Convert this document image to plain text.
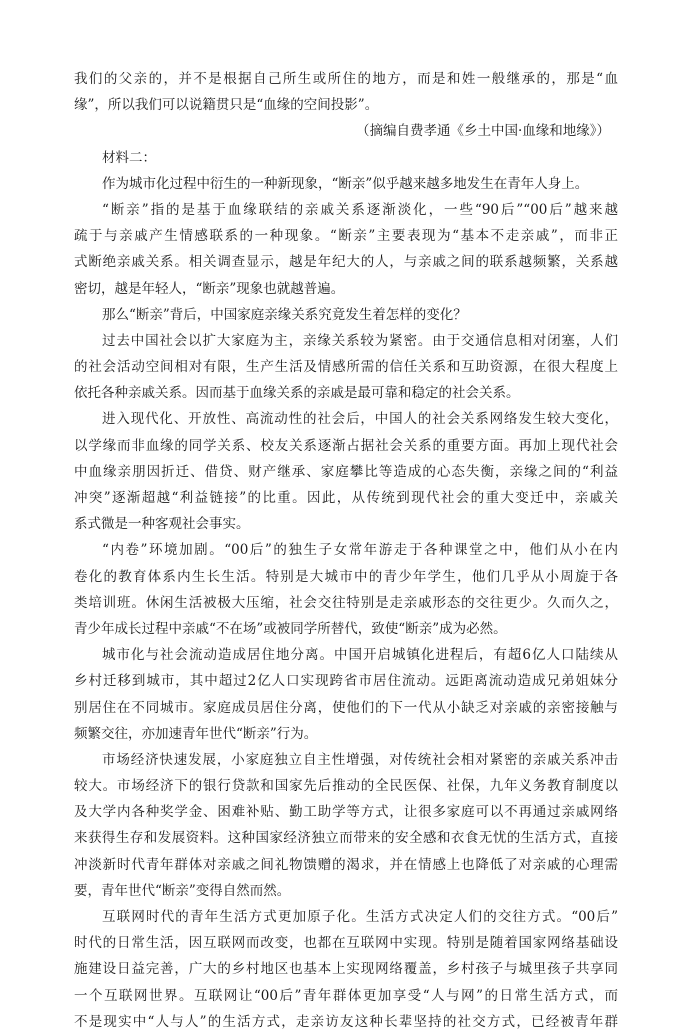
我们的父亲的，并不是根据自己所生或所住的地方，而是和姓一般继承的，那是“血
缘”，所以我们可以说籍贯只是“血缘的空间投影”。
（摘编自费孝通《乡土中国·血缘和地缘》）
材料二：
作为城市化过程中衍生的一种新现象，“断亲”似乎越来越多地发生在青年人身上。
“断亲”指的是基于血缘联结的亲戚关系逐渐淡化，一些“90后”“00后”越来越
疏于与亲戚产生情感联系的一种现象。“断亲”主要表现为“基本不走亲戚”，而非正
式断绝亲戚关系。相关调查显示，越是年纪大的人，与亲戚之间的联系越频繁，关系越
密切，越是年轻人，“断亲”现象也就越普遍。
那么“断亲”背后，中国家庭亲缘关系究竟发生着怎样的变化？
过去中国社会以扩大家庭为主，亲缘关系较为紧密。由于交通信息相对闭塞，人们
的社会活动空间相对有限，生产生活及情感所需的信任关系和互助资源，在很大程度上
依托各种亲戚关系。因而基于血缘关系的亲戚是最可靠和稳定的社会关系。
进入现代化、开放性、高流动性的社会后，中国人的社会关系网络发生较大变化，
以学缘而非血缘的同学关系、校友关系逐渐占据社会关系的重要方面。再加上现代社会
中血缘亲朋因折迁、借贷、财产继承、家庭攀比等造成的心态失衡，亲缘之间的“利益
冲突”逐渐超越“利益链接”的比重。因此，从传统到现代社会的重大变迁中，亲戚关
系式微是一种客观社会事实。
“内卷”环境加剧。“00后”的独生子女常年游走于各种课堂之中，他们从小在内
卷化的教育体系内生长生活。特别是大城市中的青少年学生，他们几乎从小周旋于各
类培训班。休闲生活被极大压缩，社会交往特别是走亲戚形态的交往更少。久而久之，
青少年成长过程中亲戚“不在场”或被同学所替代，致使“断亲”成为必然。
城市化与社会流动造成居住地分离。中国开启城镇化进程后，有超6亿人口陆续从
乡村迁移到城市，其中超过2亿人口实现跨省市居住流动。远距离流动造成兄弟姐妹分
别居住在不同城市。家庭成员居住分离，使他们的下一代从小缺乏对亲戚的亲密接触与
频繁交往，亦加速青年世代“断亲”行为。
市场经济快速发展，小家庭独立自主性增强，对传统社会相对紧密的亲戚关系冲击
较大。市场经济下的银行贷款和国家先后推动的全民医保、社保，九年义务教育制度以
及大学内各种奖学金、困难补贴、勤工助学等方式，让很多家庭可以不再通过亲戚网络
来获得生存和发展资料。这种国家经济独立而带来的安全感和衣食无忧的生活方式，直接
冲淡新时代青年群体对亲戚之间礼物馈赠的渴求，并在情感上也降低了对亲戚的心理需
要，青年世代“断亲”变得自然而然。
互联网时代的青年生活方式更加原子化。生活方式决定人们的交往方式。“00后”
时代的日常生活，因互联网而改变，也都在互联网中实现。特别是随着国家网络基础设
施建设日益完善，广大的乡村地区也基本上实现网络覆盖，乡村孩子与城里孩子共享同
一个互联网世界。互联网让“00后”青年群体更加享受“人与网”的日常生活方式，而
不是现实中“人与人”的生活方式，走亲访友这种长辈坚持的社交方式，已经被青年群
